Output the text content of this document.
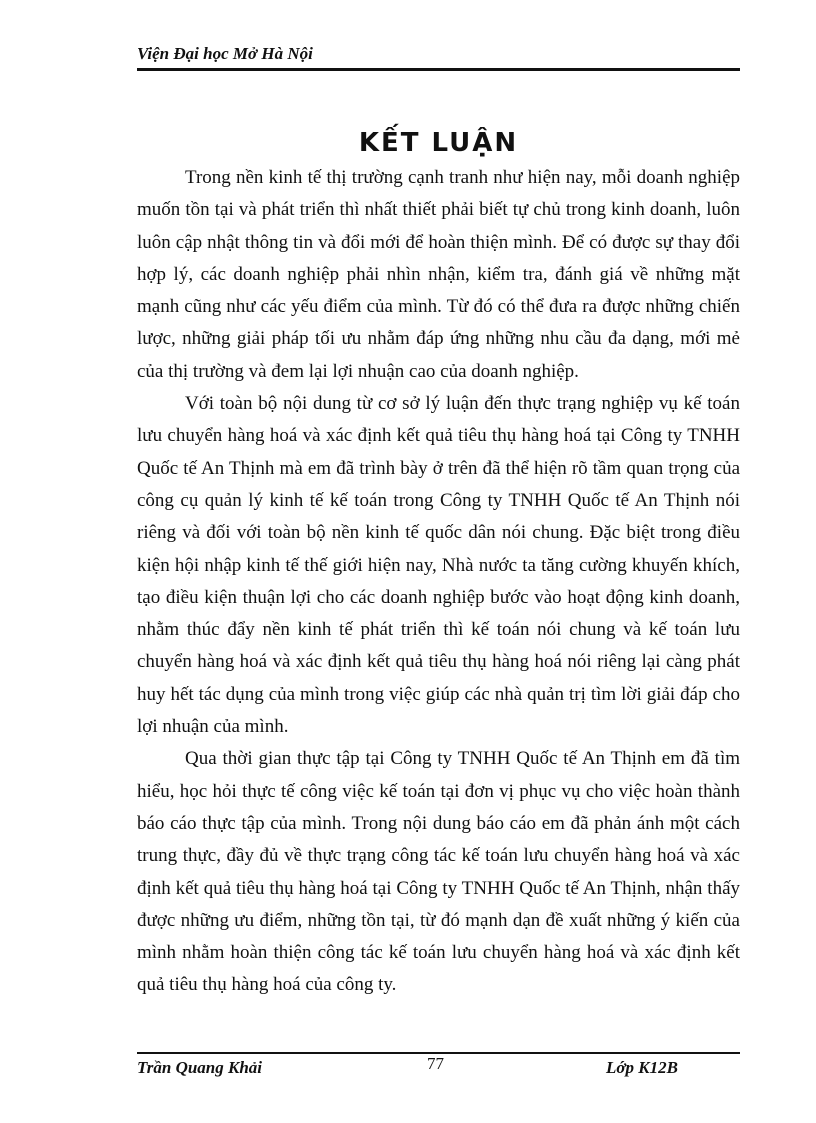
Viện Đại học Mở Hà Nội
KẾT LUẬN

Trong nền kinh tế thị trường cạnh tranh như hiện nay, mỗi doanh nghiệp muốn tồn tại và phát triển thì nhất thiết phải biết tự chủ trong kinh doanh, luôn luôn cập nhật thông tin và đổi mới để hoàn thiện mình. Để có được sự thay đổi hợp lý, các doanh nghiệp phải nhìn nhận, kiểm tra, đánh giá về những mặt mạnh cũng như các yếu điểm của mình. Từ đó có thể đưa ra được những chiến lược, những giải pháp tối ưu nhằm đáp ứng những nhu cầu đa dạng, mới mẻ của thị trường và đem lại lợi nhuận cao của doanh nghiệp.

Với toàn bộ nội dung từ cơ sở lý luận đến thực trạng nghiệp vụ kế toán lưu chuyển hàng hoá và xác định kết quả tiêu thụ hàng hoá tại Công ty TNHH Quốc tế An Thịnh mà em đã trình bày ở trên đã thể hiện rõ tầm quan trọng của công cụ quản lý kinh tế kế toán trong Công ty TNHH Quốc tế An Thịnh nói riêng và đối với toàn bộ nền kinh tế quốc dân nói chung. Đặc biệt trong điều kiện hội nhập kinh tế thế giới hiện nay, Nhà nước ta tăng cường khuyến khích, tạo điều kiện thuận lợi cho các doanh nghiệp bước vào hoạt động kinh doanh, nhằm thúc đẩy nền kinh tế phát triển thì kế toán nói chung và kế toán lưu chuyển hàng hoá và xác định kết quả tiêu thụ hàng hoá nói riêng lại càng phát huy hết tác dụng của mình trong việc giúp các nhà quản trị tìm lời giải đáp cho lợi nhuận của mình.

Qua thời gian thực tập tại Công ty TNHH Quốc tế An Thịnh em đã tìm hiểu, học hỏi thực tế công việc kế toán tại đơn vị phục vụ cho việc hoàn thành báo cáo thực tập của mình. Trong nội dung báo cáo em đã phản ánh một cách trung thực, đầy đủ về thực trạng công tác kế toán lưu chuyển hàng hoá và xác định kết quả tiêu thụ hàng hoá tại Công ty TNHH Quốc tế An Thịnh, nhận thấy được những ưu điểm, những tồn tại, từ đó mạnh dạn đề xuất những ý kiến của mình nhằm hoàn thiện công tác kế toán lưu chuyển hàng hoá và xác định kết quả tiêu thụ hàng hoá của công ty.

Trần Quang Khải	77	Lớp K12B
